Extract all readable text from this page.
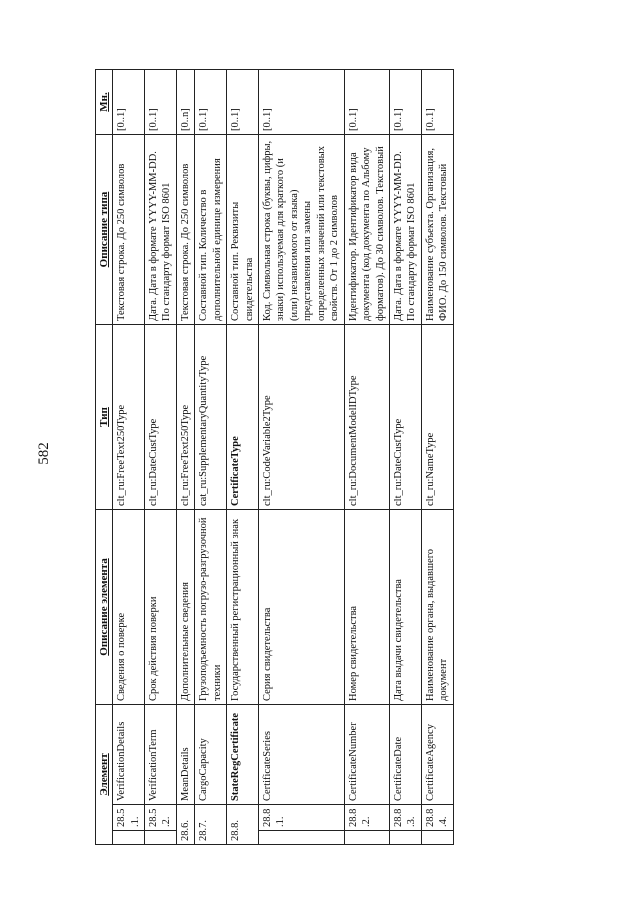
582
Элемент			Описание элемента	Тип	Описание типа	Мн.
	28.5.1.	VerificationDetails	Сведения о поверке	clt_ru:FreeText250Type	Текстовая строка. До 250 символов	[0..1]
	28.5.2.	VerificationTerm	Срок действия поверки	clt_ru:DateCustType	Дата. Дата в формате YYYY-MM-DD. По стандарту формат ISO 8601	[0..1]
28.6.		MeanDetails	Дополнительные сведения	clt_ru:FreeText250Type	Текстовая строка. До 250 символов	[0..n]
28.7.		CargoCapacity	Грузоподъемность погрузо-разгрузочной техники	cat_ru:SupplementaryQuantityType	Составной тип. Количество в дополнительной единице измерения	[0..1]
28.8.		StateRegCertificate	Государственный регистрационный знак	CertificateType	Составной тип. Реквизиты свидетельства	[0..1]
	28.8.1.	CertificateSeries	Серия свидетельства	clt_ru:CodeVariable2Type	Код. Символьная строка (буквы, цифры, знаки) используемая для краткого (и (или) независимого от языка) представления или замены определенных значений или текстовых свойств. От 1 до 2 символов	[0..1]
	28.8.2.	CertificateNumber	Номер свидетельства	clt_ru:DocumentModelIDType	Идентификатор. Идентификатор вида документа (код документа по Альбому форматов). До 30 символов. Текстовый	[0..1]
	28.8.3.	CertificateDate	Дата выдачи свидетельства	clt_ru:DateCustType	Дата. Дата в формате YYYY-MM-DD. По стандарту формат ISO 8601	[0..1]
	28.8.4.	CertificateAgency	Наименование органа, выдавшего документ	clt_ru:NameType	Наименование субъекта. Организация, ФИО. До 150 символов. Текстовый	[0..1]
